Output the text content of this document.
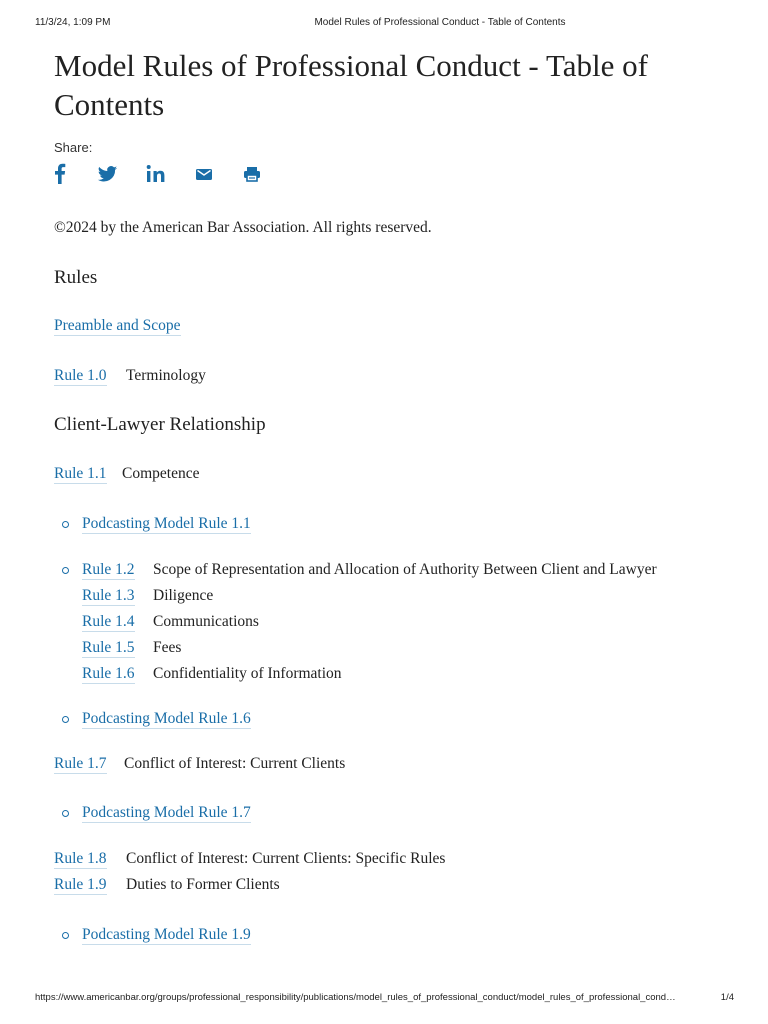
11/3/24, 1:09 PM	Model Rules of Professional Conduct - Table of Contents
Model Rules of Professional Conduct - Table of Contents
Share:
©2024 by the American Bar Association. All rights reserved.
Rules
Preamble and Scope
Rule 1.0 Terminology
Client-Lawyer Relationship
Rule 1.1 Competence
Podcasting Model Rule 1.1
Rule 1.2 Scope of Representation and Allocation of Authority Between Client and Lawyer
Rule 1.3 Diligence
Rule 1.4 Communications
Rule 1.5 Fees
Rule 1.6 Confidentiality of Information
Podcasting Model Rule 1.6
Rule 1.7 Conflict of Interest: Current Clients
Podcasting Model Rule 1.7
Rule 1.8 Conflict of Interest: Current Clients: Specific Rules
Rule 1.9 Duties to Former Clients
Podcasting Model Rule 1.9
https://www.americanbar.org/groups/professional_responsibility/publications/model_rules_of_professional_conduct/model_rules_of_professional_cond…	1/4
